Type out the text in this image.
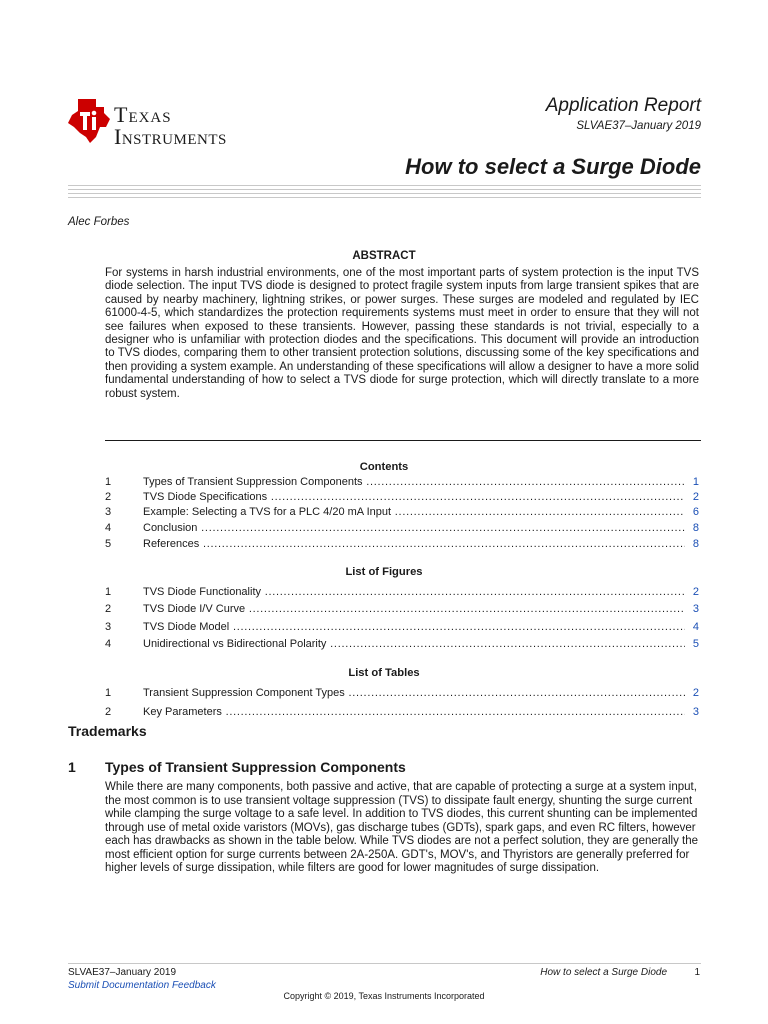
Texas
Instruments
Application Report
SLVAE37–January 2019
How to select a Surge Diode
Alec Forbes
ABSTRACT
For systems in harsh industrial environments, one of the most important parts of system protection is the input TVS diode selection. The input TVS diode is designed to protect fragile system inputs from large transient spikes that are caused by nearby machinery, lightning strikes, or power surges. These surges are modeled and regulated by IEC 61000-4-5, which standardizes the protection requirements systems must meet in order to ensure that they will not see failures when exposed to these transients. However, passing these standards is not trivial, especially to a designer who is unfamiliar with protection diodes and the specifications. This document will provide an introduction to TVS diodes, comparing them to other transient protection solutions, discussing some of the key specifications and then providing a system example. An understanding of these specifications will allow a designer to have a more solid fundamental understanding of how to select a TVS diode for surge protection, which will directly translate to a more robust system.
Contents
1	Types of Transient Suppression Components .....	1
2	TVS Diode Specifications .....	2
3	Example: Selecting a TVS for a PLC 4/20 mA Input .....	6
4	Conclusion .....	8
5	References .....	8
List of Figures
1	TVS Diode Functionality .....	2
2	TVS Diode I/V Curve .....	3
3	TVS Diode Model .....	4
4	Unidirectional vs Bidirectional Polarity .....	5
List of Tables
1	Transient Suppression Component Types .....	2
2	Key Parameters .....	3
Trademarks
1 Types of Transient Suppression Components
While there are many components, both passive and active, that are capable of protecting a surge at a system input, the most common is to use transient voltage suppression (TVS) to dissipate fault energy, shunting the surge current while clamping the surge voltage to a safe level. In addition to TVS diodes, this current shunting can be implemented through use of metal oxide varistors (MOVs), gas discharge tubes (GDTs), spark gaps, and even RC filters, however each has drawbacks as shown in the table below. While TVS diodes are not a perfect solution, they are generally the most efficient option for surge currents between 2A-250A. GDT's, MOV's, and Thyristors are generally preferred for higher levels of surge dissipation, while filters are good for lower magnitudes of surge dissipation.
SLVAE37–January 2019
Submit Documentation Feedback
How to select a Surge Diode	1
Copyright © 2019, Texas Instruments Incorporated
